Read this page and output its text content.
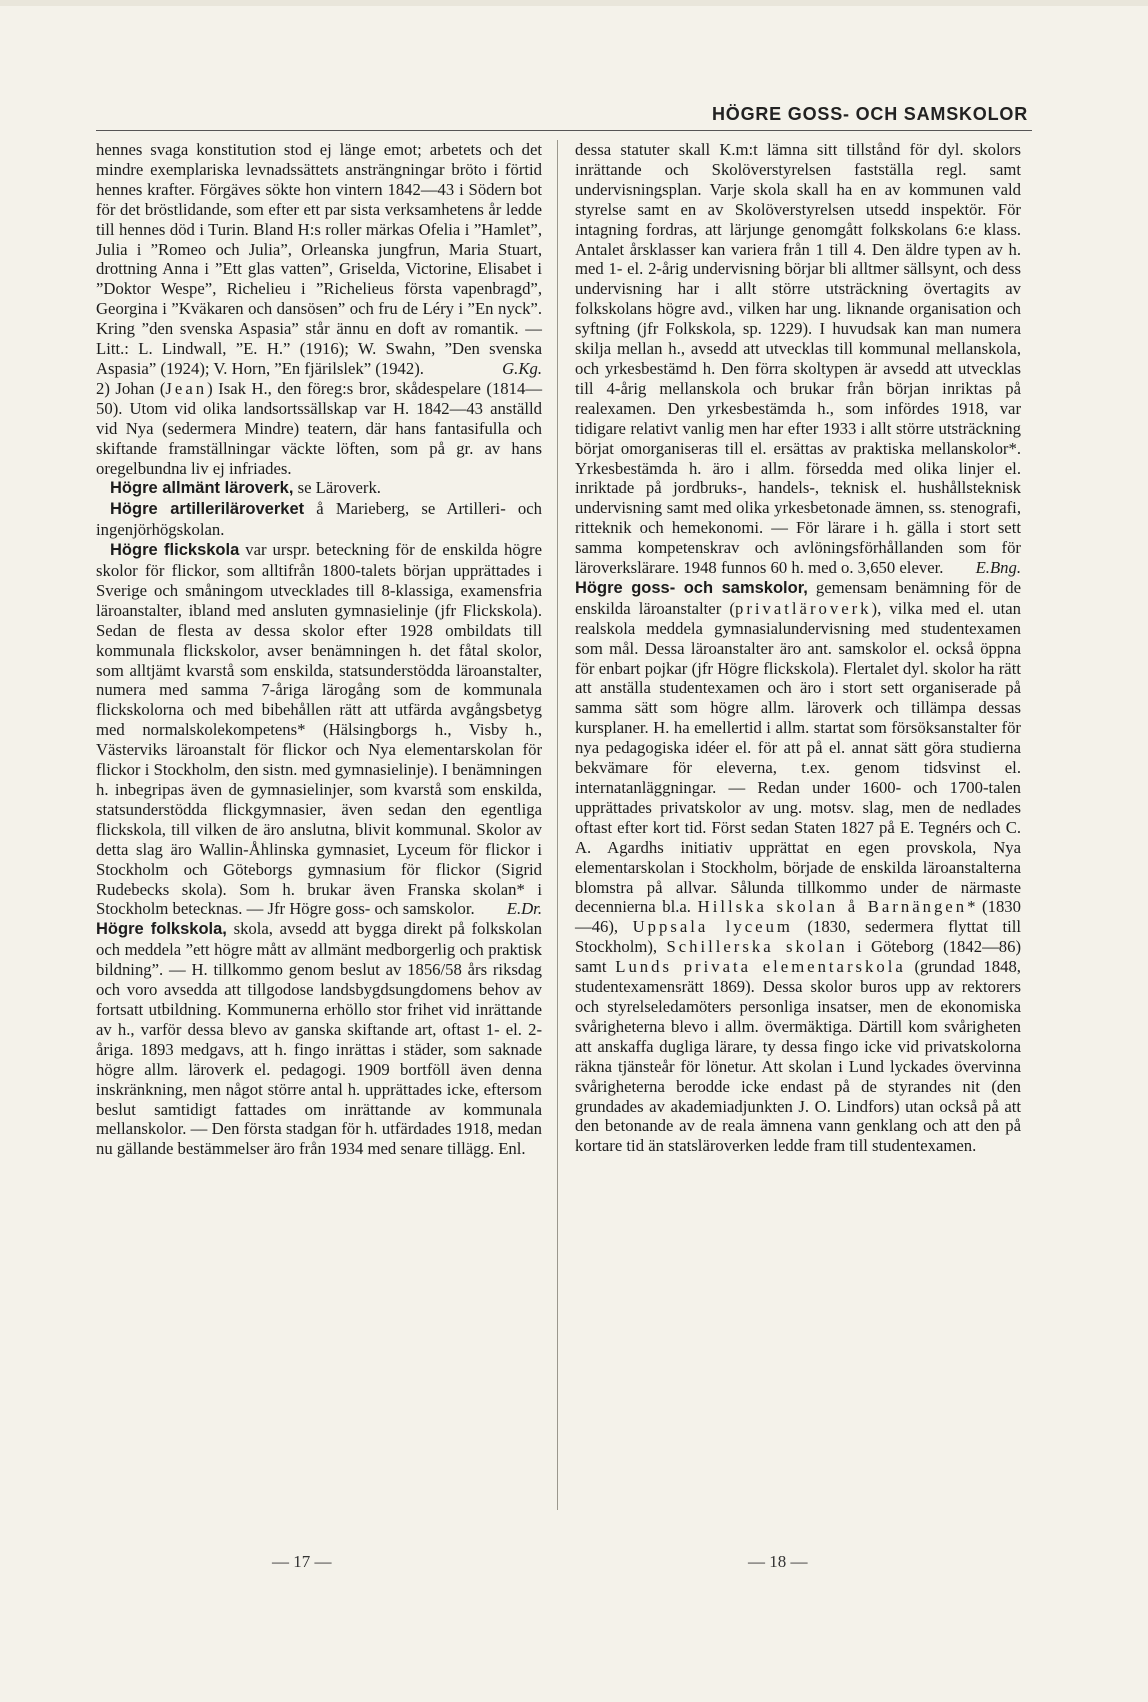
HÖGRE GOSS- OCH SAMSKOLOR

hennes svaga konstitution stod ej länge emot; arbetets och det mindre exemplariska levnadssättets ansträngningar bröto i förtid hennes krafter. Förgäves sökte hon vintern 1842—43 i Södern bot för det bröstlidande, som efter ett par sista verksamhetens år ledde till hennes död i Turin. Bland H:s roller märkas Ofelia i ”Hamlet”, Julia i ”Romeo och Julia”, Orleanska jungfrun, Maria Stuart, drottning Anna i ”Ett glas vatten”, Griselda, Victorine, Elisabet i ”Doktor Wespe”, Richelieu i ”Richelieus första vapenbragd”, Georgina i ”Kväkaren och dansösen” och fru de Léry i ”En nyck”. Kring ”den svenska Aspasia” står ännu en doft av romantik. — Litt.: L. Lindwall, ”E. H.” (1916); W. Swahn, ”Den svenska Aspasia” (1924); V. Horn, ”En fjärilslek” (1942).	G.Kg.

2) Johan (Jean) Isak H., den föreg:s bror, skådespelare (1814—50). Utom vid olika landsortssällskap var H. 1842—43 anställd vid Nya (sedermera Mindre) teatern, där hans fantasifulla och skiftande framställningar väckte löften, som på gr. av hans oregelbundna liv ej infriades.

Högre allmänt läroverk, se Läroverk.

Högre artilleriläroverket å Marieberg, se Artilleri- och ingenjörhögskolan.

Högre flickskola var urspr. beteckning för de enskilda högre skolor för flickor, som alltifrån 1800-talets början upprättades i Sverige och småningom utvecklades till 8-klassiga, examensfria läroanstalter, ibland med ansluten gymnasielinje (jfr Flickskola). Sedan de flesta av dessa skolor efter 1928 ombildats till kommunala flickskolor, avser benämningen h. det fåtal skolor, som alltjämt kvarstå som enskilda, statsunderstödda läroanstalter, numera med samma 7-åriga lärogång som de kommunala flickskolorna och med bibehållen rätt att utfärda avgångsbetyg med normalskolekompetens* (Hälsingborgs h., Visby h., Västerviks läroanstalt för flickor och Nya elementarskolan för flickor i Stockholm, den sistn. med gymnasielinje). I benämningen h. inbegripas även de gymnasielinjer, som kvarstå som enskilda, statsunderstödda flickgymnasier, även sedan den egentliga flickskola, till vilken de äro anslutna, blivit kommunal. Skolor av detta slag äro Wallin-Åhlinska gymnasiet, Lyceum för flickor i Stockholm och Göteborgs gymnasium för flickor (Sigrid Rudebecks skola). Som h. brukar även Franska skolan* i Stockholm betecknas. — Jfr Högre goss- och samskolor.	E.Dr.

Högre folkskola, skola, avsedd att bygga direkt på folkskolan och meddela ”ett högre mått av allmänt medborgerlig och praktisk bildning”. — H. tillkommo genom beslut av 1856/58 års riksdag och voro avsedda att tillgodose landsbygdsungdomens behov av fortsatt utbildning. Kommunerna erhöllo stor frihet vid inrättande av h., varför dessa blevo av ganska skiftande art, oftast 1- el. 2-åriga. 1893 medgavs, att h. fingo inrättas i städer, som saknade högre allm. läroverk el. pedagogi. 1909 bortföll även denna inskränkning, men något större antal h. upprättades icke, eftersom beslut samtidigt fattades om inrättande av kommunala mellanskolor. — Den första stadgan för h. utfärdades 1918, medan nu gällande bestämmelser äro från 1934 med senare tillägg. Enl.

dessa statuter skall K.m:t lämna sitt tillstånd för dyl. skolors inrättande och Skolöverstyrelsen fastställa regl. samt undervisningsplan. Varje skola skall ha en av kommunen vald styrelse samt en av Skolöverstyrelsen utsedd inspektör. För intagning fordras, att lärjunge genomgått folkskolans 6:e klass. Antalet årsklasser kan variera från 1 till 4. Den äldre typen av h. med 1- el. 2-årig undervisning börjar bli alltmer sällsynt, och dess undervisning har i allt större utsträckning övertagits av folkskolans högre avd., vilken har ung. liknande organisation och syftning (jfr Folkskola, sp. 1229). I huvudsak kan man numera skilja mellan h., avsedd att utvecklas till kommunal mellanskola, och yrkesbestämd h. Den förra skoltypen är avsedd att utvecklas till 4-årig mellanskola och brukar från början inriktas på realexamen. Den yrkesbestämda h., som infördes 1918, var tidigare relativt vanlig men har efter 1933 i allt större utsträckning börjat omorganiseras till el. ersättas av praktiska mellanskolor*. Yrkesbestämda h. äro i allm. försedda med olika linjer el. inriktade på jordbruks-, handels-, teknisk el. hushållsteknisk undervisning samt med olika yrkesbetonade ämnen, ss. stenografi, ritteknik och hemekonomi. — För lärare i h. gälla i stort sett samma kompetenskrav och avlöningsförhållanden som för läroverkslärare. 1948 funnos 60 h. med o. 3,650 elever.	E.Bng.

Högre goss- och samskolor, gemensam benämning för de enskilda läroanstalter (privatläroverk), vilka med el. utan realskola meddela gymnasialundervisning med studentexamen som mål. Dessa läroanstalter äro ant. samskolor el. också öppna för enbart pojkar (jfr Högre flickskola). Flertalet dyl. skolor ha rätt att anställa studentexamen och äro i stort sett organiserade på samma sätt som högre allm. läroverk och tillämpa dessas kursplaner. H. ha emellertid i allm. startat som försöksanstalter för nya pedagogiska idéer el. för att på el. annat sätt göra studierna bekvämare för eleverna, t.ex. genom tidsvinst el. internatanläggningar. — Redan under 1600- och 1700-talen upprättades privatskolor av ung. motsv. slag, men de nedlades oftast efter kort tid. Först sedan Staten 1827 på E. Tegnérs och C. A. Agardhs initiativ upprättat en egen provskola, Nya elementarskolan i Stockholm, började de enskilda läroanstalterna blomstra på allvar. Sålunda tillkommo under de närmaste decennierna bl.a. Hillska skolan å Barnängen* (1830—46), Uppsala lyceum (1830, sedermera flyttat till Stockholm), Schillerska skolan i Göteborg (1842—86) samt Lunds privata elementarskola (grundad 1848, studentexamensrätt 1869). Dessa skolor buros upp av rektorers och styrelseledamöters personliga insatser, men de ekonomiska svårigheterna blevo i allm. övermäktiga. Därtill kom svårigheten att anskaffa dugliga lärare, ty dessa fingo icke vid privatskolorna räkna tjänsteår för lönetur. Att skolan i Lund lyckades övervinna svårigheterna berodde icke endast på de styrandes nit (den grundades av akademiadjunkten J. O. Lindfors) utan också på att den betonande av de reala ämnena vann genklang och att den på kortare tid än statsläroverken ledde fram till studentexamen.

— 17 —	— 18 —
